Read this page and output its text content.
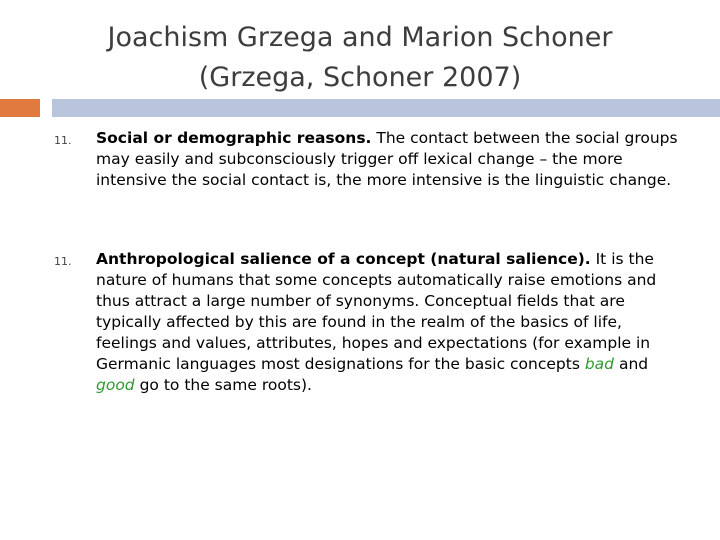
Joachism Grzega and Marion Schoner
(Grzega, Schoner 2007)
11. Social or demographic reasons. The contact between the social groups may easily and subconsciously trigger off lexical change – the more intensive the social contact is, the more intensive is the linguistic change.
11. Anthropological salience of a concept (natural salience). It is the nature of humans that some concepts automatically raise emotions and thus attract a large number of synonyms. Conceptual fields that are typically affected by this are found in the realm of the basics of life, feelings and values, attributes, hopes and expectations (for example in Germanic languages most designations for the basic concepts bad and good go to the same roots).
